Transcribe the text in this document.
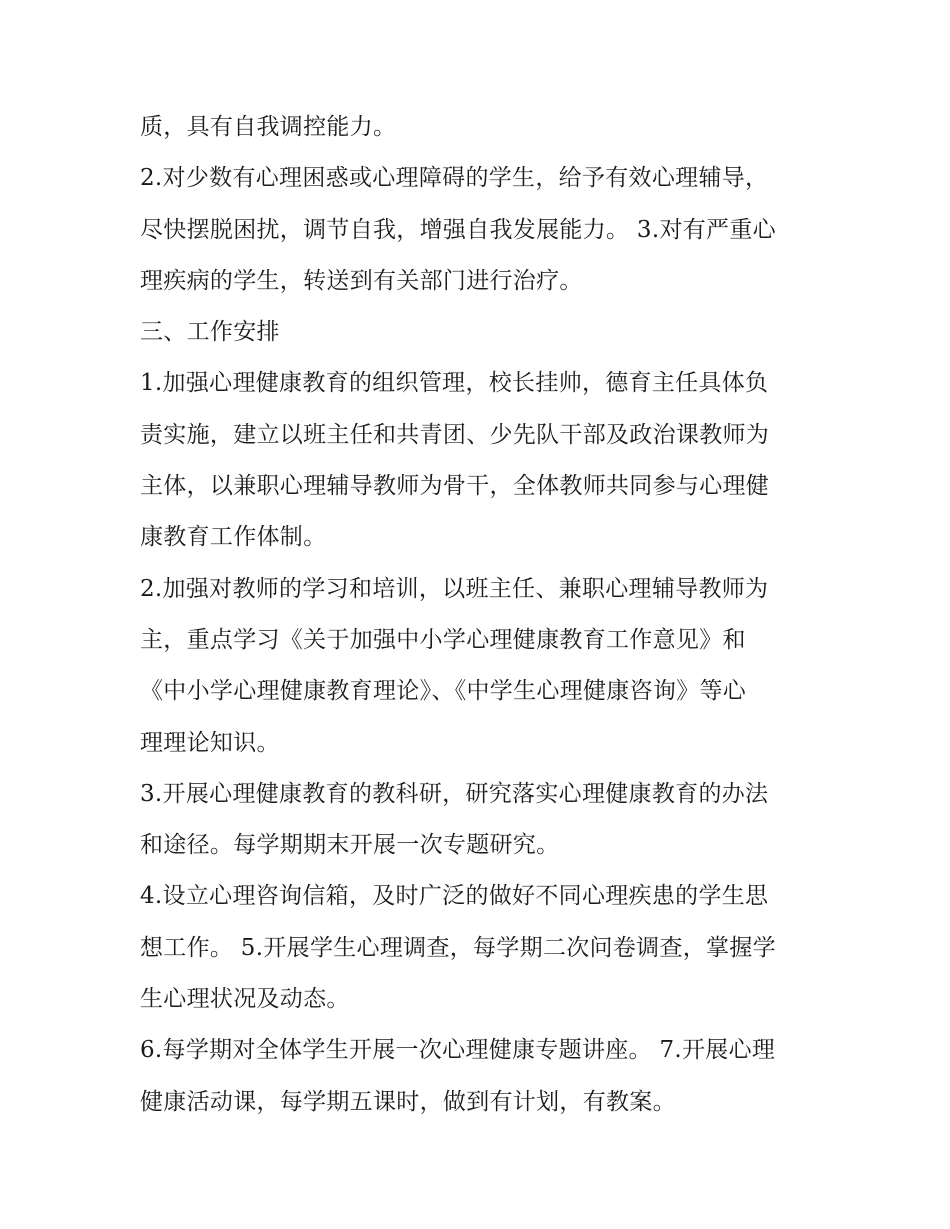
质，具有自我调控能力。
2.对少数有心理困惑或心理障碍的学生，给予有效心理辅导，
尽快摆脱困扰，调节自我，增强自我发展能力。 3.对有严重心
理疾病的学生，转送到有关部门进行治疗。
三、工作安排
1.加强心理健康教育的组织管理，校长挂帅，德育主任具体负
责实施，建立以班主任和共青团、少先队干部及政治课教师为
主体，以兼职心理辅导教师为骨干，全体教师共同参与心理健
康教育工作体制。
2.加强对教师的学习和培训，以班主任、兼职心理辅导教师为
主，重点学习《关于加强中小学心理健康教育工作意见》和
《中小学心理健康教育理论》、《中学生心理健康咨询》等心
理理论知识。
3.开展心理健康教育的教科研，研究落实心理健康教育的办法
和途径。每学期期末开展一次专题研究。
4.设立心理咨询信箱，及时广泛的做好不同心理疾患的学生思
想工作。 5.开展学生心理调查，每学期二次问卷调查，掌握学
生心理状况及动态。
6.每学期对全体学生开展一次心理健康专题讲座。 7.开展心理
健康活动课，每学期五课时，做到有计划，有教案。
